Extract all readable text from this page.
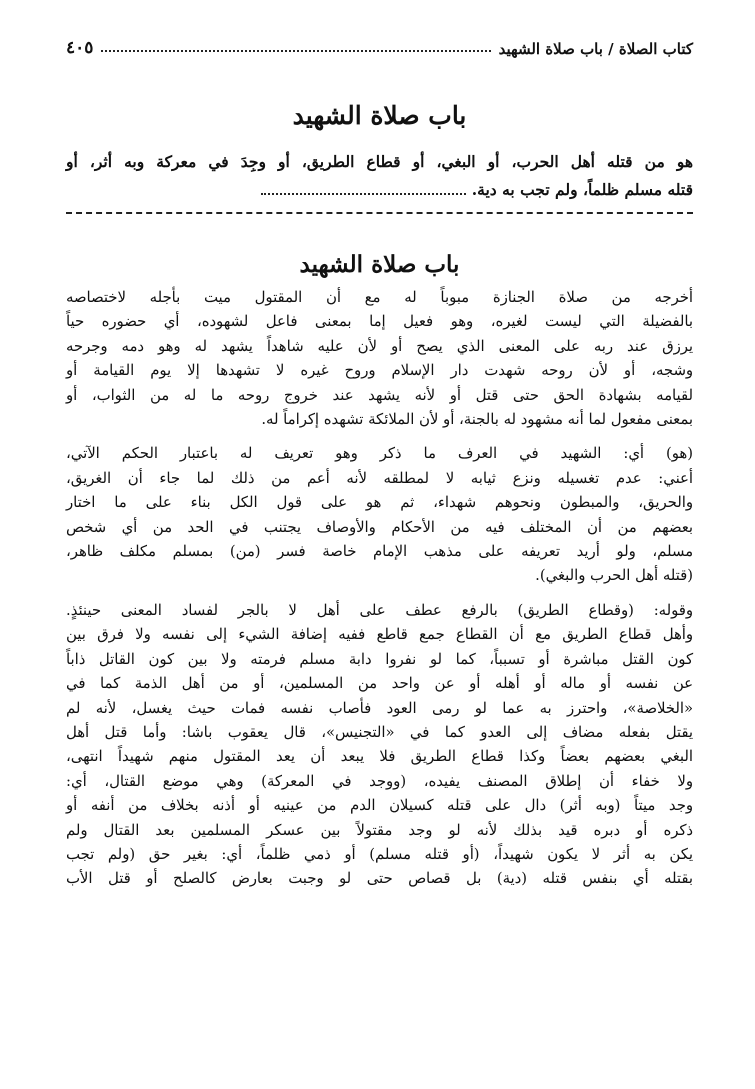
كتاب الصلاة / باب صلاة الشهيد
٤٠٥
باب صلاة الشهيد
هو من قتله أهل الحرب، أو البغي، أو قطاع الطريق، أو وجِدَ في معركة وبه أثر، أو
قتله مسلم ظلماً، ولم تجب به دية.
باب صلاة الشهيد
أخرجه من صلاة الجنازة مبوباً له مع أن المقتول ميت بأجله لاختصاصه
بالفضيلة التي ليست لغيره، وهو فعيل إما بمعنى فاعل لشهوده، أي حضوره حياً
يرزق عند ربه على المعنى الذي يصح أو لأن عليه شاهداً يشهد له وهو دمه وجرحه
وشجه، أو لأن روحه شهدت دار الإسلام وروح غيره لا تشهدها إلا يوم القيامة أو
لقيامه بشهادة الحق حتى قتل أو لأنه يشهد عند خروج روحه ما له من الثواب، أو
بمعنى مفعول لما أنه مشهود له بالجنة، أو لأن الملائكة تشهده إكراماً له.
(هو) أي: الشهيد في العرف ما ذكر وهو تعريف له باعتبار الحكم الآتي،
أعني: عدم تغسيله ونزع ثيابه لا لمطلقه لأنه أعم من ذلك لما جاء أن الغريق،
والحريق، والمبطون ونحوهم شهداء، ثم هو على قول الكل بناء على ما اختار
بعضهم من أن المختلف فيه من الأحكام والأوصاف يجتنب في الحد من أي شخص
مسلم، ولو أريد تعريفه على مذهب الإمام خاصة فسر (من) بمسلم مكلف ظاهر،
(قتله أهل الحرب والبغي).
وقوله: (وقطاع الطريق) بالرفع عطف على أهل لا بالجر لفساد المعنى حينئذٍ.
وأهل قطاع الطريق مع أن القطاع جمع قاطع ففيه إضافة الشيء إلى نفسه ولا فرق بين
كون القتل مباشرة أو تسبباً، كما لو نفروا دابة مسلم فرمته ولا بين كون القاتل ذاباً
عن نفسه أو ماله أو أهله أو عن واحد من المسلمين، أو من أهل الذمة كما في
«الخلاصة»، واحترز به عما لو رمى العود فأصاب نفسه فمات حيث يغسل، لأنه لم
يقتل بفعله مضاف إلى العدو كما في «التجنيس»، قال يعقوب باشا: وأما قتل أهل
البغي بعضهم بعضاً وكذا قطاع الطريق فلا يبعد أن يعد المقتول منهم شهيداً انتهى،
ولا خفاء أن إطلاق المصنف يفيده، (ووجد في المعركة) وهي موضع القتال، أي:
وجد ميتاً (وبه أثر) دال على قتله كسيلان الدم من عينيه أو أذنه بخلاف من أنفه أو
ذكره أو دبره قيد بذلك لأنه لو وجد مقتولاً بين عسكر المسلمين بعد القتال ولم
يكن به أثر لا يكون شهيداً، (أو قتله مسلم) أو ذمي ظلماً، أي: بغير حق (ولم تجب
بقتله أي بنفس قتله (دية) بل قصاص حتى لو وجبت بعارض كالصلح أو قتل الأب
